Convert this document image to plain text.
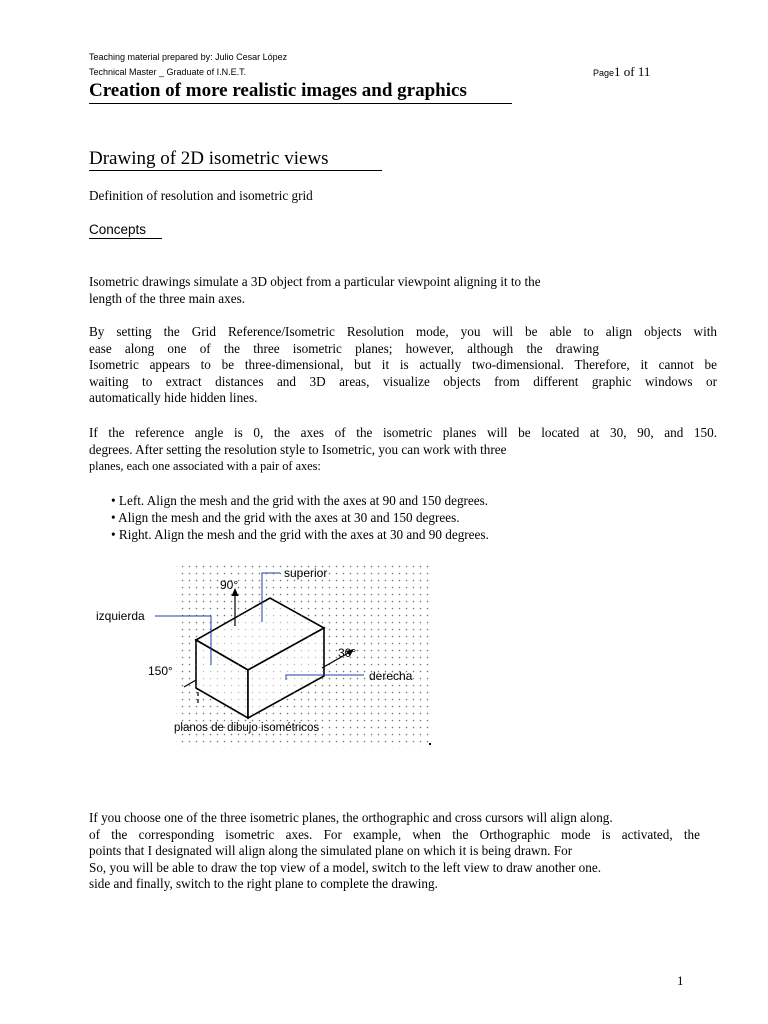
Teaching material prepared by: Julio Cesar López
Technical Master _ Graduate of I.N.E.T.	Page1 of 11
Creation of more realistic images and graphics
Drawing of 2D isometric views
Definition of resolution and isometric grid
Concepts
Isometric drawings simulate a 3D object from a particular viewpoint aligning it to the
length of the three main axes.
By setting the Grid Reference/Isometric Resolution mode, you will be able to align objects with
ease along one of the three isometric planes; however, although the drawing
Isometric appears to be three-dimensional, but it is actually two-dimensional. Therefore, it cannot be
waiting to extract distances and 3D areas, visualize objects from different graphic windows or
automatically hide hidden lines.
If the reference angle is 0, the axes of the isometric planes will be located at 30, 90, and 150.
degrees. After setting the resolution style to Isometric, you can work with three
planes, each one associated with a pair of axes:
• Left. Align the mesh and the grid with the axes at 90 and 150 degrees.
• Align the mesh and the grid with the axes at 30 and 150 degrees.
• Right. Align the mesh and the grid with the axes at 30 and 90 degrees.
90°
superior
izquierda
30°
150°	derecha
planos de dibujo isométricos
If you choose one of the three isometric planes, the orthographic and cross cursors will align along.
of the corresponding isometric axes. For example, when the Orthographic mode is activated, the
points that I designated will align along the simulated plane on which it is being drawn. For
So, you will be able to draw the top view of a model, switch to the left view to draw another one.
side and finally, switch to the right plane to complete the drawing.
1
